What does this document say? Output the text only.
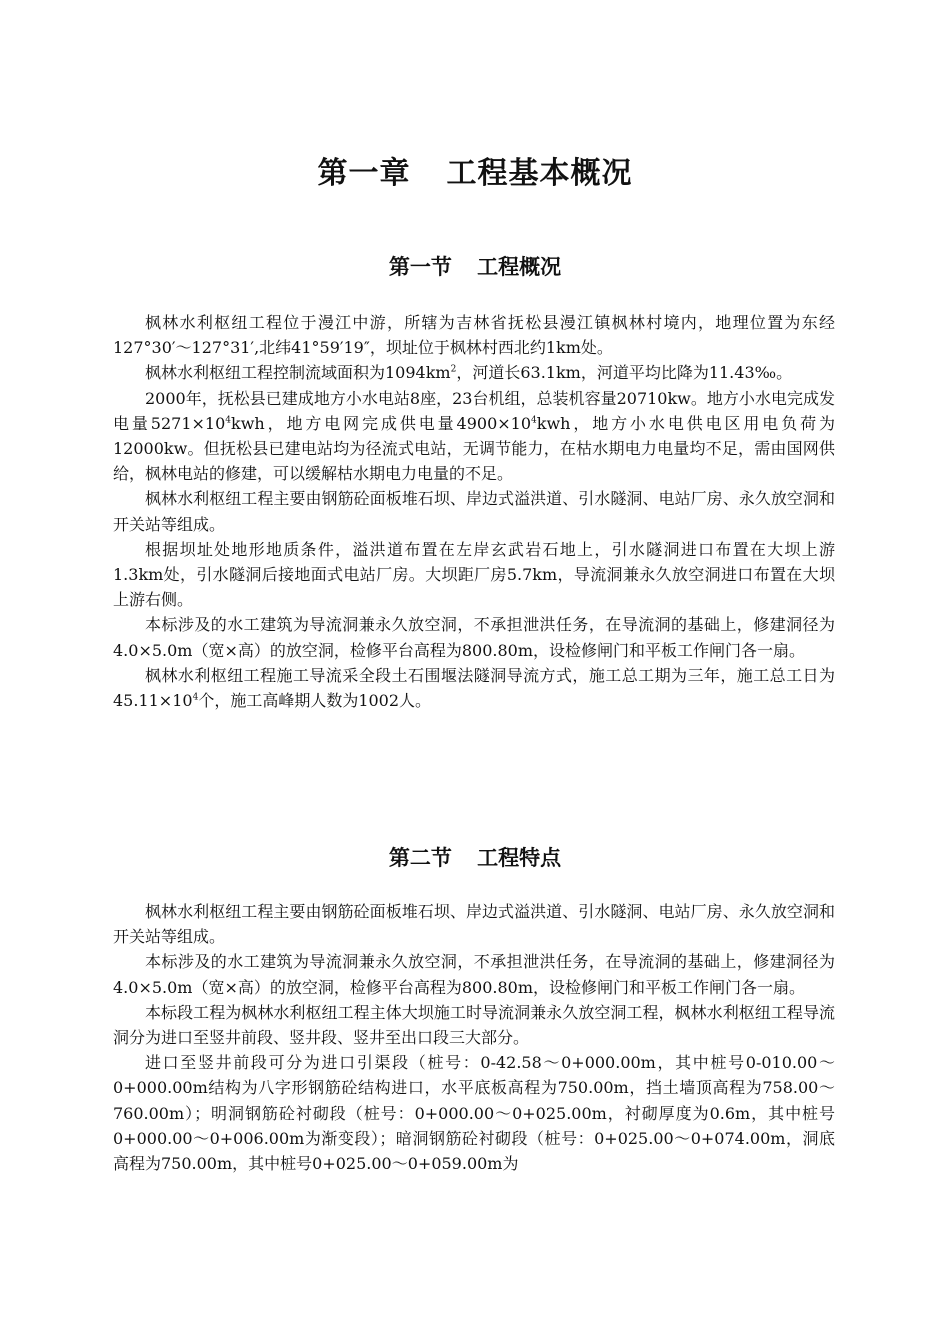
第一章 工程基本概况
第一节 工程概况

枫林水利枢纽工程位于漫江中游，所辖为吉林省抚松县漫江镇枫林村境内，地理位置为东经127°30′～127°31′,北纬41°59′19″，坝址位于枫林村西北约1km处。

枫林水利枢纽工程控制流域面积为$1094km^2$，河道长63.1km，河道平均比降为11.43‰。

2000年，抚松县已建成地方小水电站8座，23台机组，总装机容量20710kw。地方小水电完成发电量$5271\times 10^4kwh$，地方电网完成供电量$4900\times 10^4kwh$，地方小水电供电区用电负荷为12000kw。但抚松县已建电站均为径流式电站，无调节能力，在枯水期电力电量均不足，需由国网供给，枫林电站的修建，可以缓解枯水期电力电量的不足。

枫林水利枢纽工程主要由钢筋砼面板堆石坝、岸边式溢洪道、引水隧洞、电站厂房、永久放空洞和开关站等组成。

根据坝址处地形地质条件，溢洪道布置在左岸玄武岩石地上，引水隧洞进口布置在大坝上游1.3km处，引水隧洞后接地面式电站厂房。大坝距厂房5.7km，导流洞兼永久放空洞进口布置在大坝上游右侧。

本标涉及的水工建筑为导流洞兼永久放空洞，不承担泄洪任务，在导流洞的基础上，修建洞径为4.0×5.0m（宽×高）的放空洞，检修平台高程为800.80m，设检修闸门和平板工作闸门各一扇。

枫林水利枢纽工程施工导流采全段土石围堰法隧洞导流方式，施工总工期为三年，施工总工日为$45.11\times 10^4$个，施工高峰期人数为1002人。

第二节 工程特点

枫林水利枢纽工程主要由钢筋砼面板堆石坝、岸边式溢洪道、引水隧洞、电站厂房、永久放空洞和开关站等组成。

本标涉及的水工建筑为导流洞兼永久放空洞，不承担泄洪任务，在导流洞的基础上，修建洞径为4.0×5.0m（宽×高）的放空洞，检修平台高程为800.80m，设检修闸门和平板工作闸门各一扇。

本标段工程为枫林水利枢纽工程主体大坝施工时导流洞兼永久放空洞工程，枫林水利枢纽工程导流洞分为进口至竖井前段、竖井段、竖井至出口段三大部分。

进口至竖井前段可分为进口引渠段（桩号：0-42.58～0+000.00m，其中桩号0-010.00～0+000.00m结构为八字形钢筋砼结构进口，水平底板高程为750.00m，挡土墙顶高程为758.00～760.00m）；明洞钢筋砼衬砌段（桩号：0+000.00～0+025.00m，衬砌厚度为0.6m，其中桩号0+000.00～0+006.00m为渐变段）；暗洞钢筋砼衬砌段（桩号：0+025.00～0+074.00m，洞底高程为750.00m，其中桩号0+025.00～0+059.00m为
